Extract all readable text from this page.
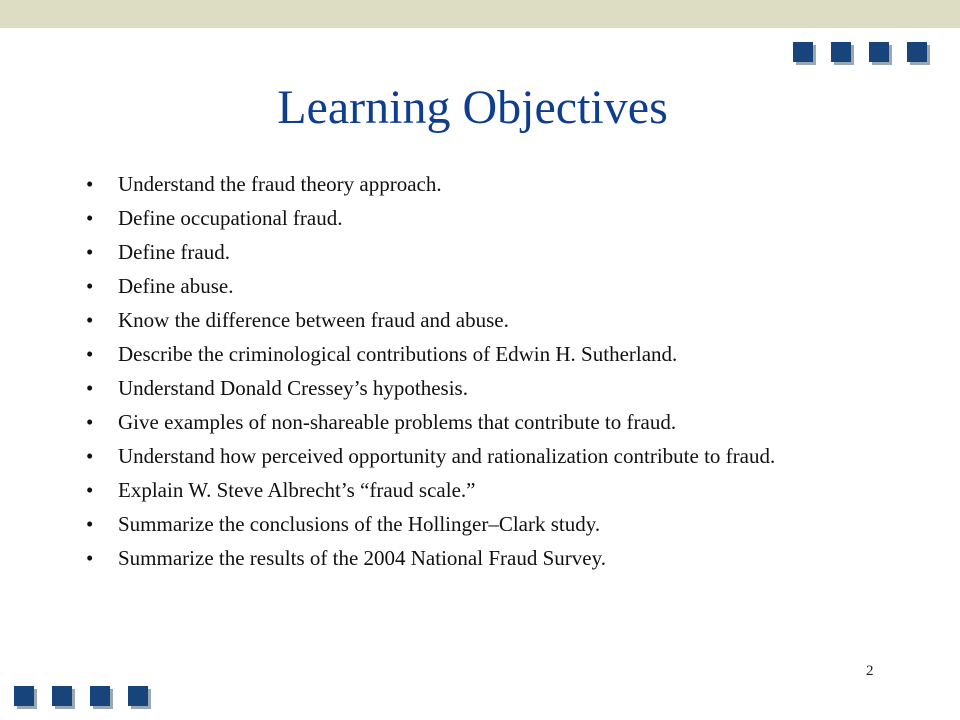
Learning Objectives
• Understand the fraud theory approach.
• Define occupational fraud.
• Define fraud.
• Define abuse.
• Know the difference between fraud and abuse.
• Describe the criminological contributions of Edwin H. Sutherland.
• Understand Donald Cressey’s hypothesis.
• Give examples of non-shareable problems that contribute to fraud.
• Understand how perceived opportunity and rationalization contribute to fraud.
• Explain W. Steve Albrecht’s “fraud scale.”
• Summarize the conclusions of the Hollinger–Clark study.
• Summarize the results of the 2004 National Fraud Survey.
2
